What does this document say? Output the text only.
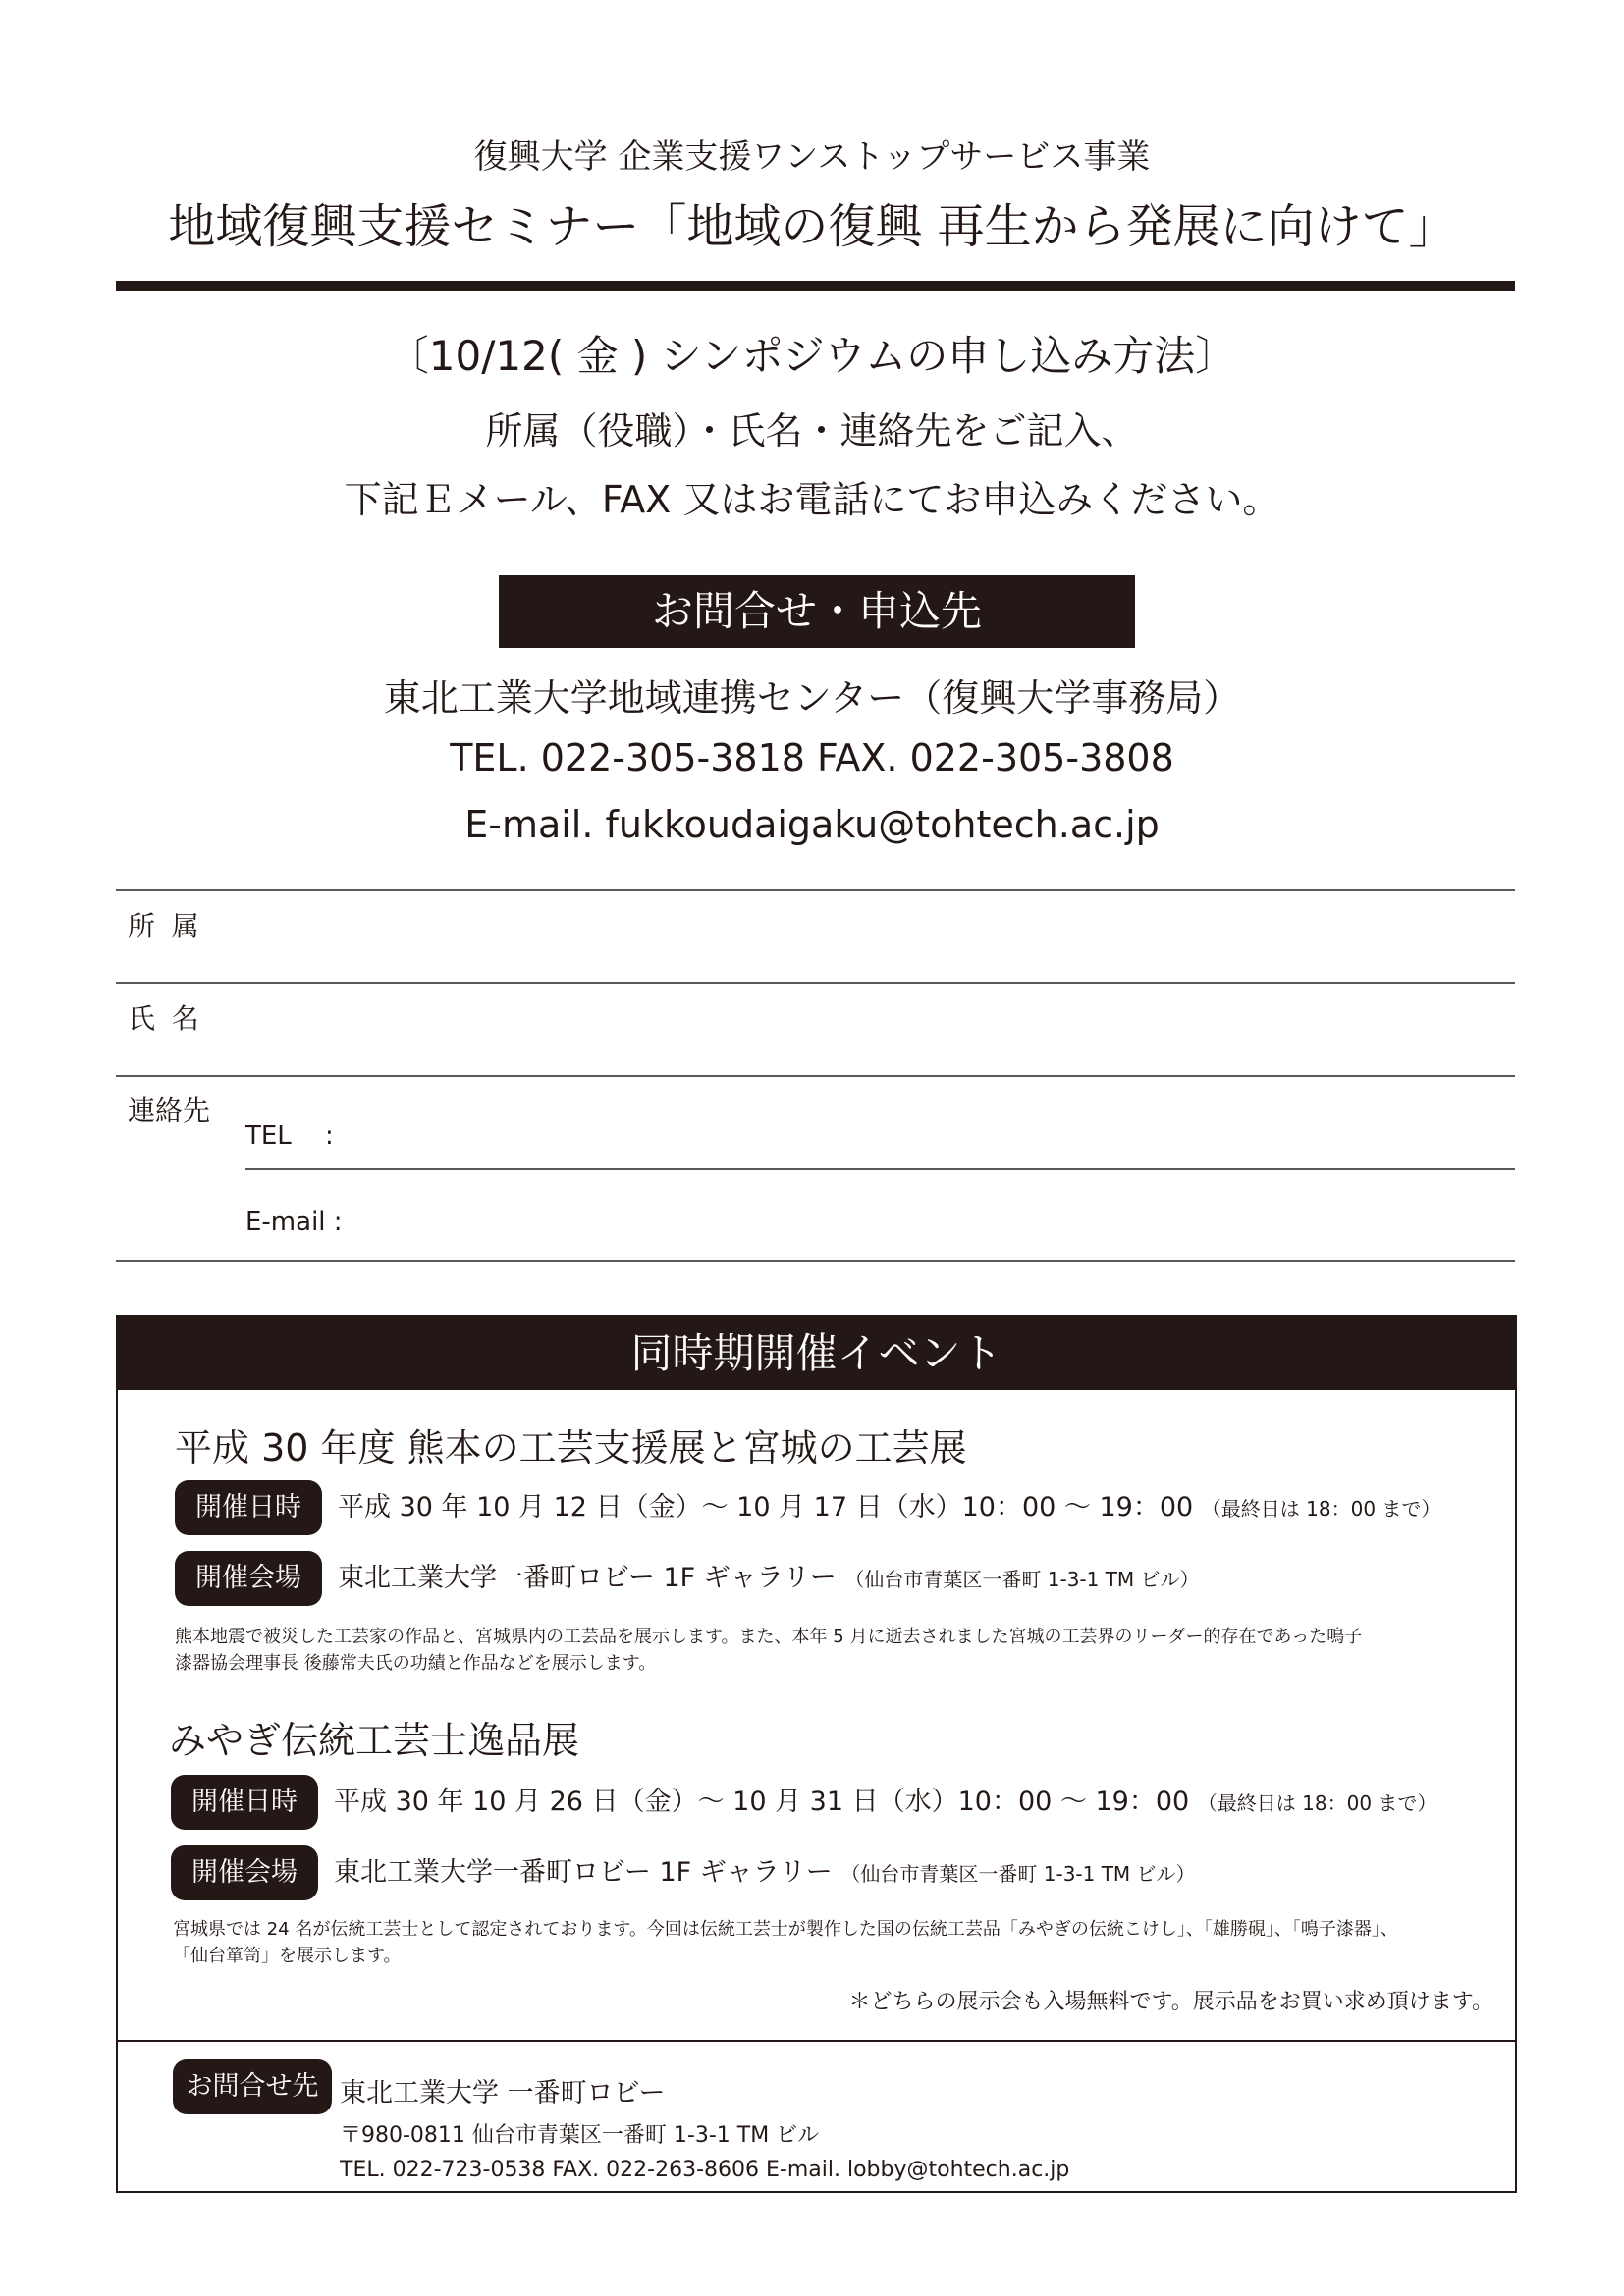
復興大学 企業支援ワンストップサービス事業
地域復興支援セミナー「地域の復興 再生から発展に向けて」
〔10/12( 金 ) シンポジウムの申し込み方法〕
所属（役職）・氏名・連絡先をご記入、
下記Ｅメール、FAX 又はお電話にてお申込みください。
お問合せ・申込先
東北工業大学地域連携センター（復興大学事務局）
TEL. 022-305-3818 FAX. 022-305-3808
E-mail. fukkoudaigaku@tohtech.ac.jp
所属
氏名
連絡先
TEL　 :
E-mail :
同時期開催イベント
平成 30 年度 熊本の工芸支援展と宮城の工芸展
開催日時	平成 30 年 10 月 12 日（金）～ 10 月 17 日（水）10：00 ～ 19：00 （最終日は 18：00 まで）
開催会場	東北工業大学一番町ロビー 1F ギャラリー （仙台市青葉区一番町 1-3-1 TM ビル）
熊本地震で被災した工芸家の作品と、宮城県内の工芸品を展示します。また、本年 5 月に逝去されました宮城の工芸界のリーダー的存在であった鳴子
漆器協会理事長 後藤常夫氏の功績と作品などを展示します。
みやぎ伝統工芸士逸品展
開催日時	平成 30 年 10 月 26 日（金）～ 10 月 31 日（水）10：00 ～ 19：00 （最終日は 18：00 まで）
開催会場	東北工業大学一番町ロビー 1F ギャラリー （仙台市青葉区一番町 1-3-1 TM ビル）
宮城県では 24 名が伝統工芸士として認定されております。今回は伝統工芸士が製作した国の伝統工芸品「みやぎの伝統こけし」、「雄勝硯」、「鳴子漆器」、
「仙台箪笥」を展示します。
＊どちらの展示会も入場無料です。展示品をお買い求め頂けます。
お問合せ先 東北工業大学 一番町ロビー
〒980-0811 仙台市青葉区一番町 1-3-1 TM ビル
TEL. 022-723-0538 FAX. 022-263-8606 E-mail. lobby@tohtech.ac.jp
